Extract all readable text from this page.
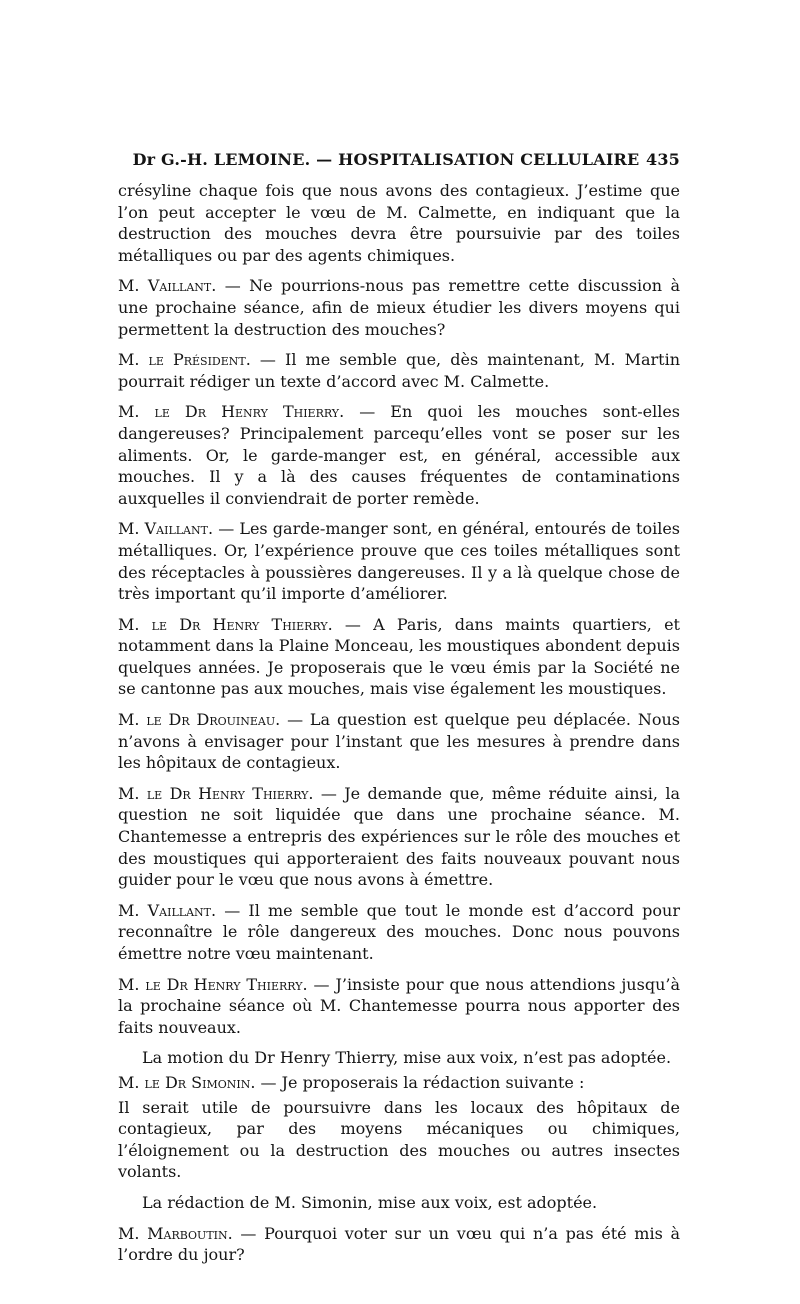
Dr G.-H. LEMOINE. — HOSPITALISATION CELLULAIRE 435

crésyline chaque fois que nous avons des contagieux. J’estime que l’on peut accepter le vœu de M. Calmette, en indiquant que la destruction des mouches devra être poursuivie par des toiles métalliques ou par des agents chimiques.

M. Vaillant. — Ne pourrions-nous pas remettre cette discussion à une prochaine séance, afin de mieux étudier les divers moyens qui permettent la destruction des mouches?

M. le Président. — Il me semble que, dès maintenant, M. Martin pourrait rédiger un texte d’accord avec M. Calmette.

M. le Dr Henry Thierry. — En quoi les mouches sont-elles dangereuses? Principalement parcequ’elles vont se poser sur les aliments. Or, le garde-manger est, en général, accessible aux mouches. Il y a là des causes fréquentes de contaminations auxquelles il conviendrait de porter remède.

M. Vaillant. — Les garde-manger sont, en général, entourés de toiles métalliques. Or, l’expérience prouve que ces toiles métalliques sont des réceptacles à poussières dangereuses. Il y a là quelque chose de très important qu’il importe d’améliorer.

M. le Dr Henry Thierry. — A Paris, dans maints quartiers, et notamment dans la Plaine Monceau, les moustiques abondent depuis quelques années. Je proposerais que le vœu émis par la Société ne se cantonne pas aux mouches, mais vise également les moustiques.

M. le Dr Drouineau. — La question est quelque peu déplacée. Nous n’avons à envisager pour l’instant que les mesures à prendre dans les hôpitaux de contagieux.

M. le Dr Henry Thierry. — Je demande que, même réduite ainsi, la question ne soit liquidée que dans une prochaine séance. M. Chantemesse a entrepris des expériences sur le rôle des mouches et des moustiques qui apporteraient des faits nouveaux pouvant nous guider pour le vœu que nous avons à émettre.

M. Vaillant. — Il me semble que tout le monde est d’accord pour reconnaître le rôle dangereux des mouches. Donc nous pouvons émettre notre vœu maintenant.

M. le Dr Henry Thierry. — J’insiste pour que nous attendions jusqu’à la prochaine séance où M. Chantemesse pourra nous apporter des faits nouveaux.

La motion du Dr Henry Thierry, mise aux voix, n’est pas adoptée.

M. le Dr Simonin. — Je proposerais la rédaction suivante :

Il serait utile de poursuivre dans les locaux des hôpitaux de contagieux, par des moyens mécaniques ou chimiques, l’éloignement ou la destruction des mouches ou autres insectes volants.

La rédaction de M. Simonin, mise aux voix, est adoptée.

M. Marboutin. — Pourquoi voter sur un vœu qui n’a pas été mis à l’ordre du jour?
